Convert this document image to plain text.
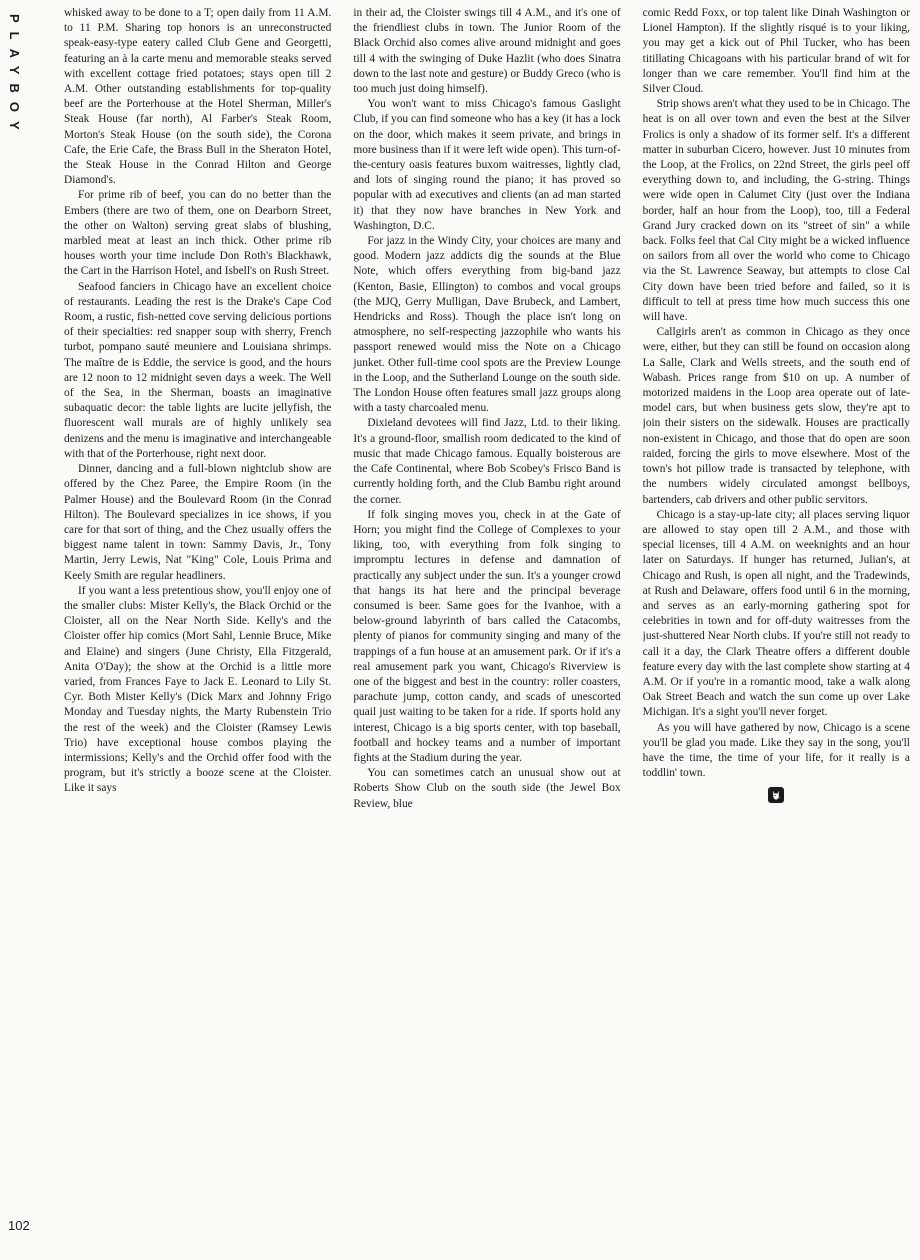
PLAYBOY
102

whisked away to be done to a T; open daily from 11 A.M. to 11 P.M. Sharing top honors is an unreconstructed speak-easy-type eatery called Club Gene and Georgetti, featuring an à la carte menu and memorable steaks served with excellent cottage fried potatoes; stays open till 2 A.M. Other outstanding establishments for top-quality beef are the Porterhouse at the Hotel Sherman, Miller's Steak House (far north), Al Farber's Steak Room, Morton's Steak House (on the south side), the Corona Cafe, the Erie Cafe, the Brass Bull in the Sheraton Hotel, the Steak House in the Conrad Hilton and George Diamond's.

For prime rib of beef, you can do no better than the Embers (there are two of them, one on Dearborn Street, the other on Walton) serving great slabs of blushing, marbled meat at least an inch thick. Other prime rib houses worth your time include Don Roth's Blackhawk, the Cart in the Harrison Hotel, and Isbell's on Rush Street.

Seafood fanciers in Chicago have an excellent choice of restaurants. Leading the rest is the Drake's Cape Cod Room, a rustic, fish-netted cove serving delicious portions of their specialties: red snapper soup with sherry, French turbot, pompano sauté meuniere and Louisiana shrimps. The maître de is Eddie, the service is good, and the hours are 12 noon to 12 midnight seven days a week. The Well of the Sea, in the Sherman, boasts an imaginative subaquatic decor: the table lights are lucite jellyfish, the fluorescent wall murals are of highly unlikely sea denizens and the menu is imaginative and interchangeable with that of the Porterhouse, right next door.

Dinner, dancing and a full-blown nightclub show are offered by the Chez Paree, the Empire Room (in the Palmer House) and the Boulevard Room (in the Conrad Hilton). The Boulevard specializes in ice shows, if you care for that sort of thing, and the Chez usually offers the biggest name talent in town: Sammy Davis, Jr., Tony Martin, Jerry Lewis, Nat "King" Cole, Louis Prima and Keely Smith are regular headliners.

If you want a less pretentious show, you'll enjoy one of the smaller clubs: Mister Kelly's, the Black Orchid or the Cloister, all on the Near North Side. Kelly's and the Cloister offer hip comics (Mort Sahl, Lennie Bruce, Mike and Elaine) and singers (June Christy, Ella Fitzgerald, Anita O'Day); the show at the Orchid is a little more varied, from Frances Faye to Jack E. Leonard to Lily St. Cyr. Both Mister Kelly's (Dick Marx and Johnny Frigo Monday and Tuesday nights, the Marty Rubenstein Trio the rest of the week) and the Cloister (Ramsey Lewis Trio) have exceptional house combos playing the intermissions; Kelly's and the Orchid offer food with the program, but it's strictly a booze scene at the Cloister. Like it says

in their ad, the Cloister swings till 4 A.M., and it's one of the friendliest clubs in town. The Junior Room of the Black Orchid also comes alive around midnight and goes till 4 with the swinging of Duke Hazlit (who does Sinatra down to the last note and gesture) or Buddy Greco (who is too much just doing himself).

You won't want to miss Chicago's famous Gaslight Club, if you can find someone who has a key (it has a lock on the door, which makes it seem private, and brings in more business than if it were left wide open). This turn-of-the-century oasis features buxom waitresses, lightly clad, and lots of singing round the piano; it has proved so popular with ad executives and clients (an ad man started it) that they now have branches in New York and Washington, D.C.

For jazz in the Windy City, your choices are many and good. Modern jazz addicts dig the sounds at the Blue Note, which offers everything from big-band jazz (Kenton, Basie, Ellington) to combos and vocal groups (the MJQ, Gerry Mulligan, Dave Brubeck, and Lambert, Hendricks and Ross). Though the place isn't long on atmosphere, no self-respecting jazzophile who wants his passport renewed would miss the Note on a Chicago junket. Other full-time cool spots are the Preview Lounge in the Loop, and the Sutherland Lounge on the south side. The London House often features small jazz groups along with a tasty charcoaled menu.

Dixieland devotees will find Jazz, Ltd. to their liking. It's a ground-floor, smallish room dedicated to the kind of music that made Chicago famous. Equally boisterous are the Cafe Continental, where Bob Scobey's Frisco Band is currently holding forth, and the Club Bambu right around the corner.

If folk singing moves you, check in at the Gate of Horn; you might find the College of Complexes to your liking, too, with everything from folk singing to impromptu lectures in defense and damnation of practically any subject under the sun. It's a younger crowd that hangs its hat here and the principal beverage consumed is beer. Same goes for the Ivanhoe, with a below-ground labyrinth of bars called the Catacombs, plenty of pianos for community singing and many of the trappings of a fun house at an amusement park. Or if it's a real amusement park you want, Chicago's Riverview is one of the biggest and best in the country: roller coasters, parachute jump, cotton candy, and scads of unescorted quail just waiting to be taken for a ride. If sports hold any interest, Chicago is a big sports center, with top baseball, football and hockey teams and a number of important fights at the Stadium during the year.

You can sometimes catch an unusual show out at Roberts Show Club on the south side (the Jewel Box Review, blue

comic Redd Foxx, or top talent like Dinah Washington or Lionel Hampton). If the slightly risqué is to your liking, you may get a kick out of Phil Tucker, who has been titillating Chicagoans with his particular brand of wit for longer than we care remember. You'll find him at the Silver Cloud.

Strip shows aren't what they used to be in Chicago. The heat is on all over town and even the best at the Silver Frolics is only a shadow of its former self. It's a different matter in suburban Cicero, however. Just 10 minutes from the Loop, at the Frolics, on 22nd Street, the girls peel off everything down to, and including, the G-string. Things were wide open in Calumet City (just over the Indiana border, half an hour from the Loop), too, till a Federal Grand Jury cracked down on its "street of sin" a while back. Folks feel that Cal City might be a wicked influence on sailors from all over the world who come to Chicago via the St. Lawrence Seaway, but attempts to close Cal City down have been tried before and failed, so it is difficult to tell at press time how much success this one will have.

Callgirls aren't as common in Chicago as they once were, either, but they can still be found on occasion along La Salle, Clark and Wells streets, and the south end of Wabash. Prices range from $10 on up. A number of motorized maidens in the Loop area operate out of late-model cars, but when business gets slow, they're apt to join their sisters on the sidewalk. Houses are practically non-existent in Chicago, and those that do open are soon raided, forcing the girls to move elsewhere. Most of the town's hot pillow trade is transacted by telephone, with the numbers widely circulated amongst bellboys, bartenders, cab drivers and other public servitors.

Chicago is a stay-up-late city; all places serving liquor are allowed to stay open till 2 A.M., and those with special licenses, till 4 A.M. on weeknights and an hour later on Saturdays. If hunger has returned, Julian's, at Chicago and Rush, is open all night, and the Tradewinds, at Rush and Delaware, offers food until 6 in the morning, and serves as an early-morning gathering spot for celebrities in town and for off-duty waitresses from the just-shuttered Near North clubs. If you're still not ready to call it a day, the Clark Theatre offers a different double feature every day with the last complete show starting at 4 A.M. Or if you're in a romantic mood, take a walk along Oak Street Beach and watch the sun come up over Lake Michigan. It's a sight you'll never forget.

As you will have gathered by now, Chicago is a scene you'll be glad you made. Like they say in the song, you'll have the time, the time of your life, for it really is a toddlin' town.
